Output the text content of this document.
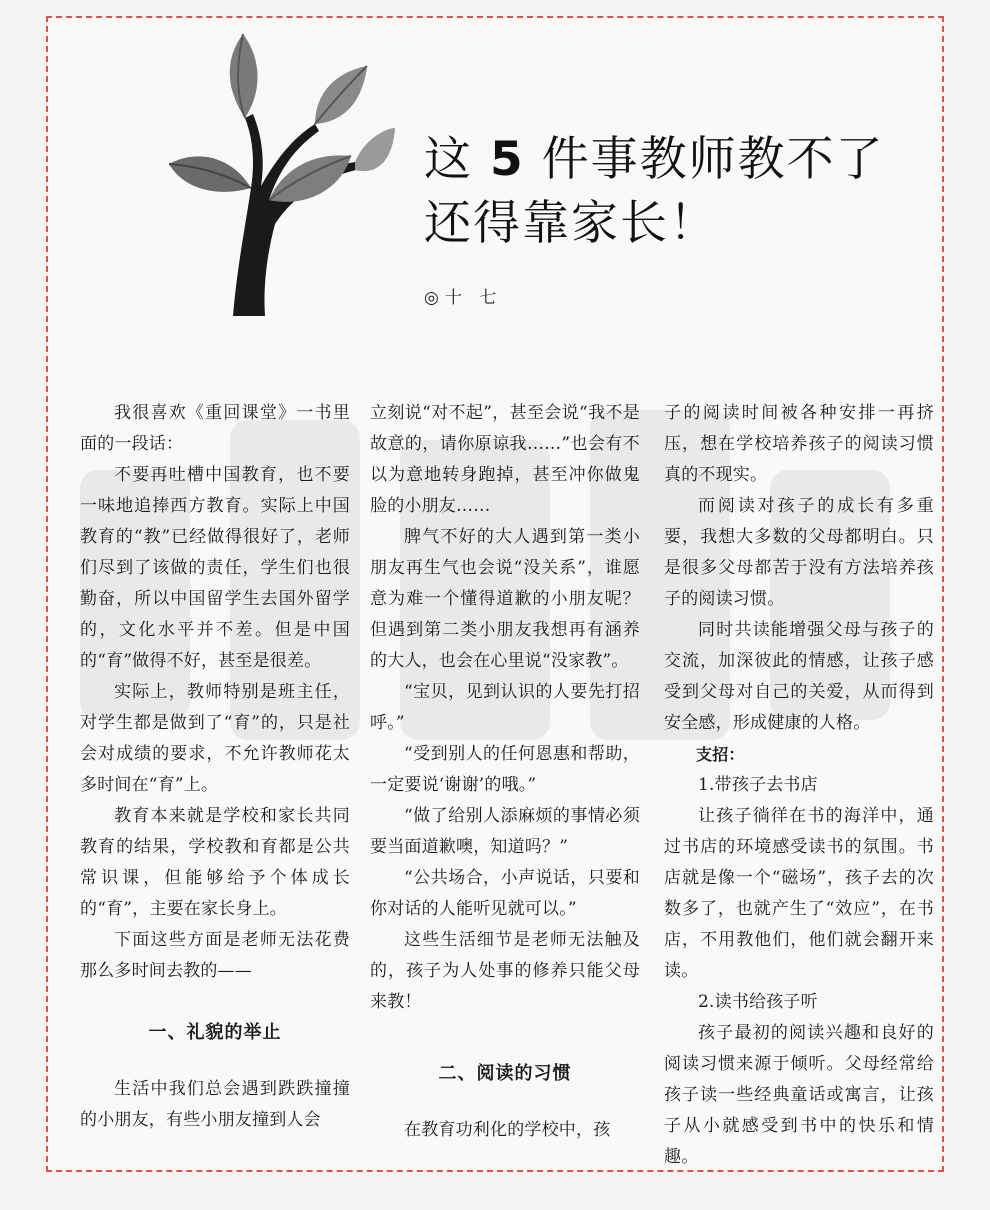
这 5 件事教师教不了
还得靠家长！
◎十 七

我很喜欢《重回课堂》一书里面的一段话：

不要再吐槽中国教育，也不要一味地追捧西方教育。实际上中国教育的“教”已经做得很好了，老师们尽到了该做的责任，学生们也很勤奋，所以中国留学生去国外留学的，文化水平并不差。但是中国的“育”做得不好，甚至是很差。

实际上，教师特别是班主任，对学生都是做到了“育”的，只是社会对成绩的要求，不允许教师花太多时间在“育”上。

教育本来就是学校和家长共同教育的结果，学校教和育都是公共常识课，但能够给予个体成长的“育”，主要在家长身上。

下面这些方面是老师无法花费那么多时间去教的——

一、礼貌的举止

生活中我们总会遇到跌跌撞撞的小朋友，有些小朋友撞到人会

立刻说“对不起”，甚至会说“我不是故意的，请你原谅我……”也会有不以为意地转身跑掉，甚至冲你做鬼脸的小朋友……

脾气不好的大人遇到第一类小朋友再生气也会说“没关系”，谁愿意为难一个懂得道歉的小朋友呢？但遇到第二类小朋友我想再有涵养的大人，也会在心里说“没家教”。

“宝贝，见到认识的人要先打招呼。”

“受到别人的任何恩惠和帮助，一定要说‘谢谢’的哦。”

“做了给别人添麻烦的事情必须要当面道歉噢，知道吗？”

“公共场合，小声说话，只要和你对话的人能听见就可以。”

这些生活细节是老师无法触及的，孩子为人处事的修养只能父母来教！

二、阅读的习惯

在教育功利化的学校中，孩

子的阅读时间被各种安排一再挤压，想在学校培养孩子的阅读习惯真的不现实。

而阅读对孩子的成长有多重要，我想大多数的父母都明白。只是很多父母都苦于没有方法培养孩子的阅读习惯。

同时共读能增强父母与孩子的交流，加深彼此的情感，让孩子感受到父母对自己的关爱，从而得到安全感，形成健康的人格。

支招：

1.带孩子去书店

让孩子徜徉在书的海洋中，通过书店的环境感受读书的氛围。书店就是像一个“磁场”，孩子去的次数多了，也就产生了“效应”，在书店，不用教他们，他们就会翻开来读。

2.读书给孩子听

孩子最初的阅读兴趣和良好的阅读习惯来源于倾听。父母经常给孩子读一些经典童话或寓言，让孩子从小就感受到书中的快乐和情趣。
